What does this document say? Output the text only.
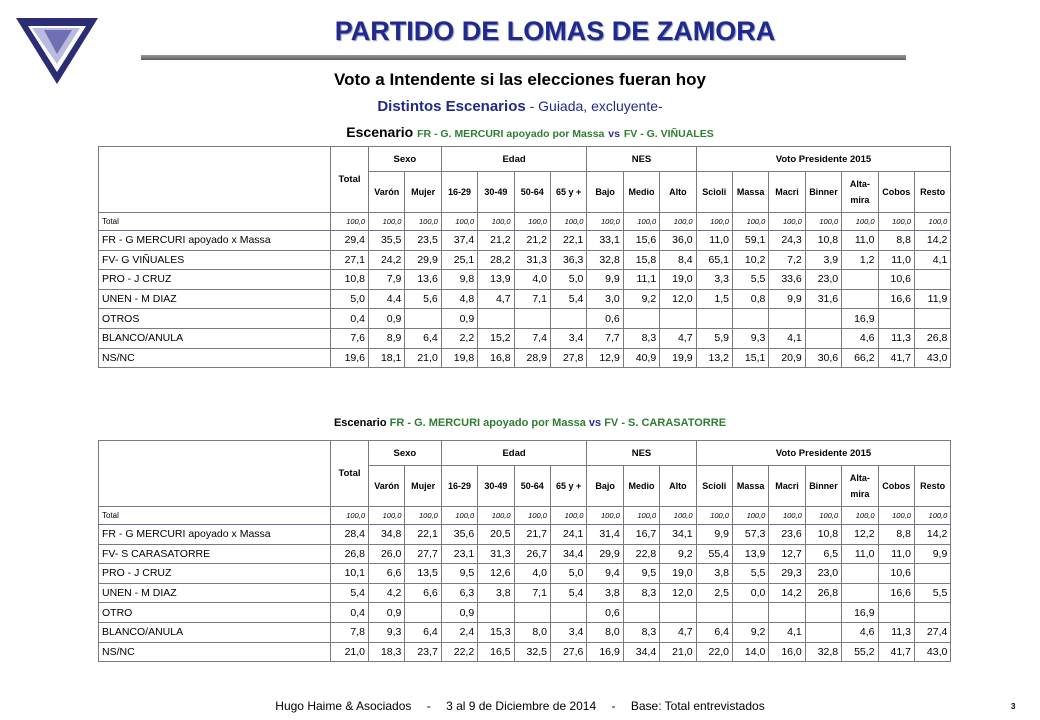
PARTIDO DE LOMAS DE ZAMORA
Voto a Intendente si las elecciones fueran hoy
Distintos Escenarios - Guiada, excluyente-
Escenario FR - G. MERCURI apoyado por Massa vs FV - G. VIÑUALES
	Total	Sexo		Edad				NES			Voto Presidente 2015						
		Varón	Mujer	16-29	30-49	50-64	65 y +	Bajo	Medio	Alto	Scioli	Massa	Macri	Binner	Alta-
mira	Cobos	Resto
Total	100,0	100,0	100,0	100,0	100,0	100,0	100,0	100,0	100,0	100,0	100,0	100,0	100,0	100,0	100,0	100,0	100,0
FR - G MERCURI apoyado x Massa	29,4	35,5	23,5	37,4	21,2	21,2	22,1	33,1	15,6	36,0	11,0	59,1	24,3	10,8	11,0	8,8	14,2
FV- G VIÑUALES	27,1	24,2	29,9	25,1	28,2	31,3	36,3	32,8	15,8	8,4	65,1	10,2	7,2	3,9	1,2	11,0	4,1
PRO - J CRUZ	10,8	7,9	13,6	9,8	13,9	4,0	5,0	9,9	11,1	19,0	3,3	5,5	33,6	23,0		10,6	
UNEN - M DIAZ	5,0	4,4	5,6	4,8	4,7	7,1	5,4	3,0	9,2	12,0	1,5	0,8	9,9	31,6		16,6	11,9
OTROS	0,4	0,9		0,9				0,6							16,9		
BLANCO/ANULA	7,6	8,9	6,4	2,2	15,2	7,4	3,4	7,7	8,3	4,7	5,9	9,3	4,1		4,6	11,3	26,8
NS/NC	19,6	18,1	21,0	19,8	16,8	28,9	27,8	12,9	40,9	19,9	13,2	15,1	20,9	30,6	66,2	41,7	43,0
Escenario FR - G. MERCURI apoyado por Massa vs FV - S. CARASATORRE
	Total	Sexo		Edad				NES			Voto Presidente 2015						
		Varón	Mujer	16-29	30-49	50-64	65 y +	Bajo	Medio	Alto	Scioli	Massa	Macri	Binner	Alta-
mira	Cobos	Resto
Total	100,0	100,0	100,0	100,0	100,0	100,0	100,0	100,0	100,0	100,0	100,0	100,0	100,0	100,0	100,0	100,0	100,0
FR - G MERCURI apoyado x Massa	28,4	34,8	22,1	35,6	20,5	21,7	24,1	31,4	16,7	34,1	9,9	57,3	23,6	10,8	12,2	8,8	14,2
FV- S CARASATORRE	26,8	26,0	27,7	23,1	31,3	26,7	34,4	29,9	22,8	9,2	55,4	13,9	12,7	6,5	11,0	11,0	9,9
PRO - J CRUZ	10,1	6,6	13,5	9,5	12,6	4,0	5,0	9,4	9,5	19,0	3,8	5,5	29,3	23,0		10,6	
UNEN - M DIAZ	5,4	4,2	6,6	6,3	3,8	7,1	5,4	3,8	8,3	12,0	2,5	0,0	14,2	26,8		16,6	5,5
OTRO	0,4	0,9		0,9				0,6							16,9		
BLANCO/ANULA	7,8	9,3	6,4	2,4	15,3	8,0	3,4	8,0	8,3	4,7	6,4	9,2	4,1		4,6	11,3	27,4
NS/NC	21,0	18,3	23,7	22,2	16,5	32,5	27,6	16,9	34,4	21,0	22,0	14,0	16,0	32,8	55,2	41,7	43,0
Hugo Haime & Asociados - 3 al 9 de Diciembre de 2014 - Base: Total entrevistados	3
